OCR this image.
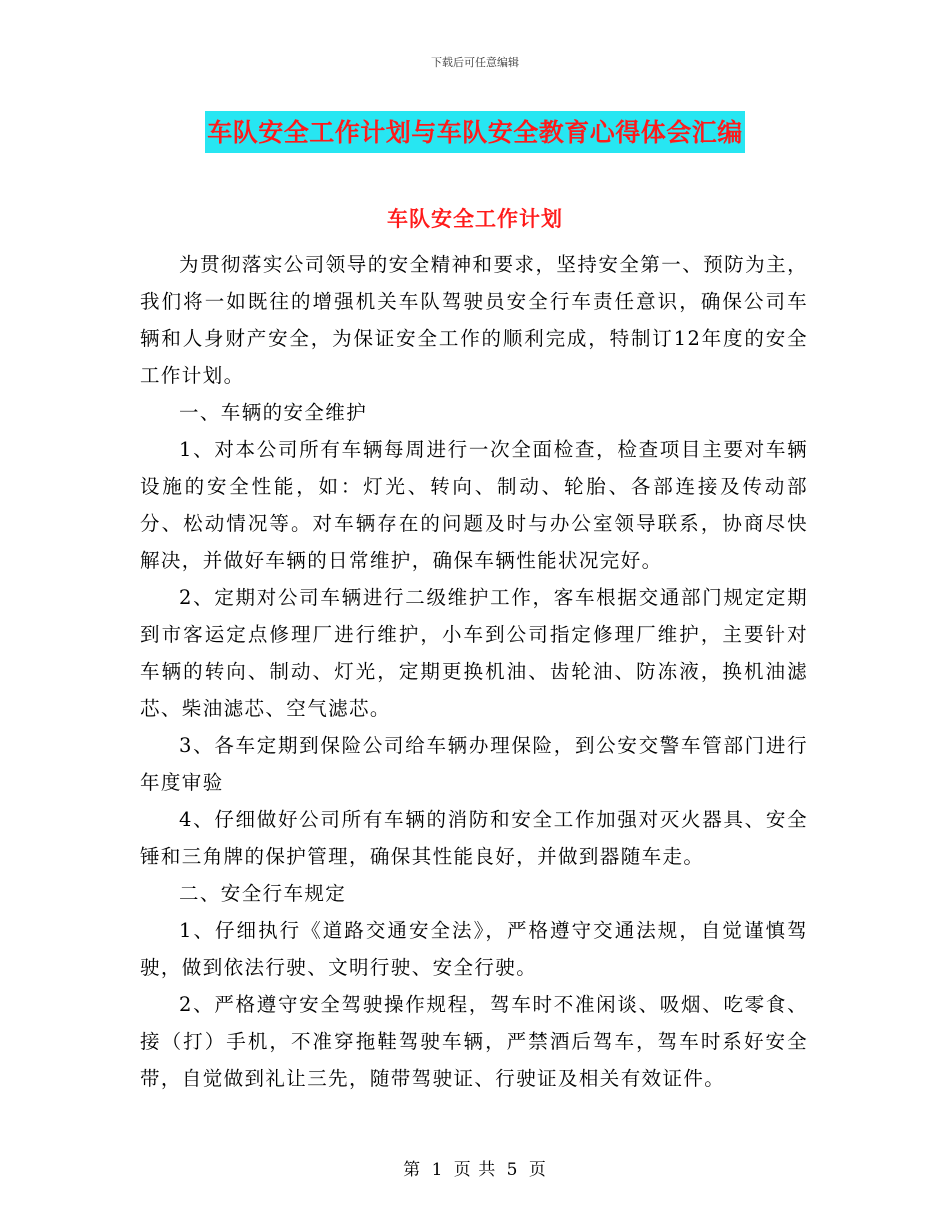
下载后可任意编辑
车队安全工作计划与车队安全教育心得体会汇编
车队安全工作计划

为贯彻落实公司领导的安全精神和要求，坚持安全第一、预防为主，我们将一如既往的增强机关车队驾驶员安全行车责任意识，确保公司车辆和人身财产安全，为保证安全工作的顺利完成，特制订12年度的安全工作计划。

一、车辆的安全维护

1、对本公司所有车辆每周进行一次全面检查，检查项目主要对车辆设施的安全性能，如：灯光、转向、制动、轮胎、各部连接及传动部分、松动情况等。对车辆存在的问题及时与办公室领导联系，协商尽快解决，并做好车辆的日常维护，确保车辆性能状况完好。

2、定期对公司车辆进行二级维护工作，客车根据交通部门规定定期到市客运定点修理厂进行维护，小车到公司指定修理厂维护，主要针对车辆的转向、制动、灯光，定期更换机油、齿轮油、防冻液，换机油滤芯、柴油滤芯、空气滤芯。

3、各车定期到保险公司给车辆办理保险，到公安交警车管部门进行年度审验

4、仔细做好公司所有车辆的消防和安全工作加强对灭火器具、安全锤和三角牌的保护管理，确保其性能良好，并做到器随车走。

二、安全行车规定

1、仔细执行《道路交通安全法》，严格遵守交通法规，自觉谨慎驾驶，做到依法行驶、文明行驶、安全行驶。

2、严格遵守安全驾驶操作规程，驾车时不准闲谈、吸烟、吃零食、接（打）手机，不准穿拖鞋驾驶车辆，严禁酒后驾车，驾车时系好安全带，自觉做到礼让三先，随带驾驶证、行驶证及相关有效证件。

第 1 页 共 5 页
